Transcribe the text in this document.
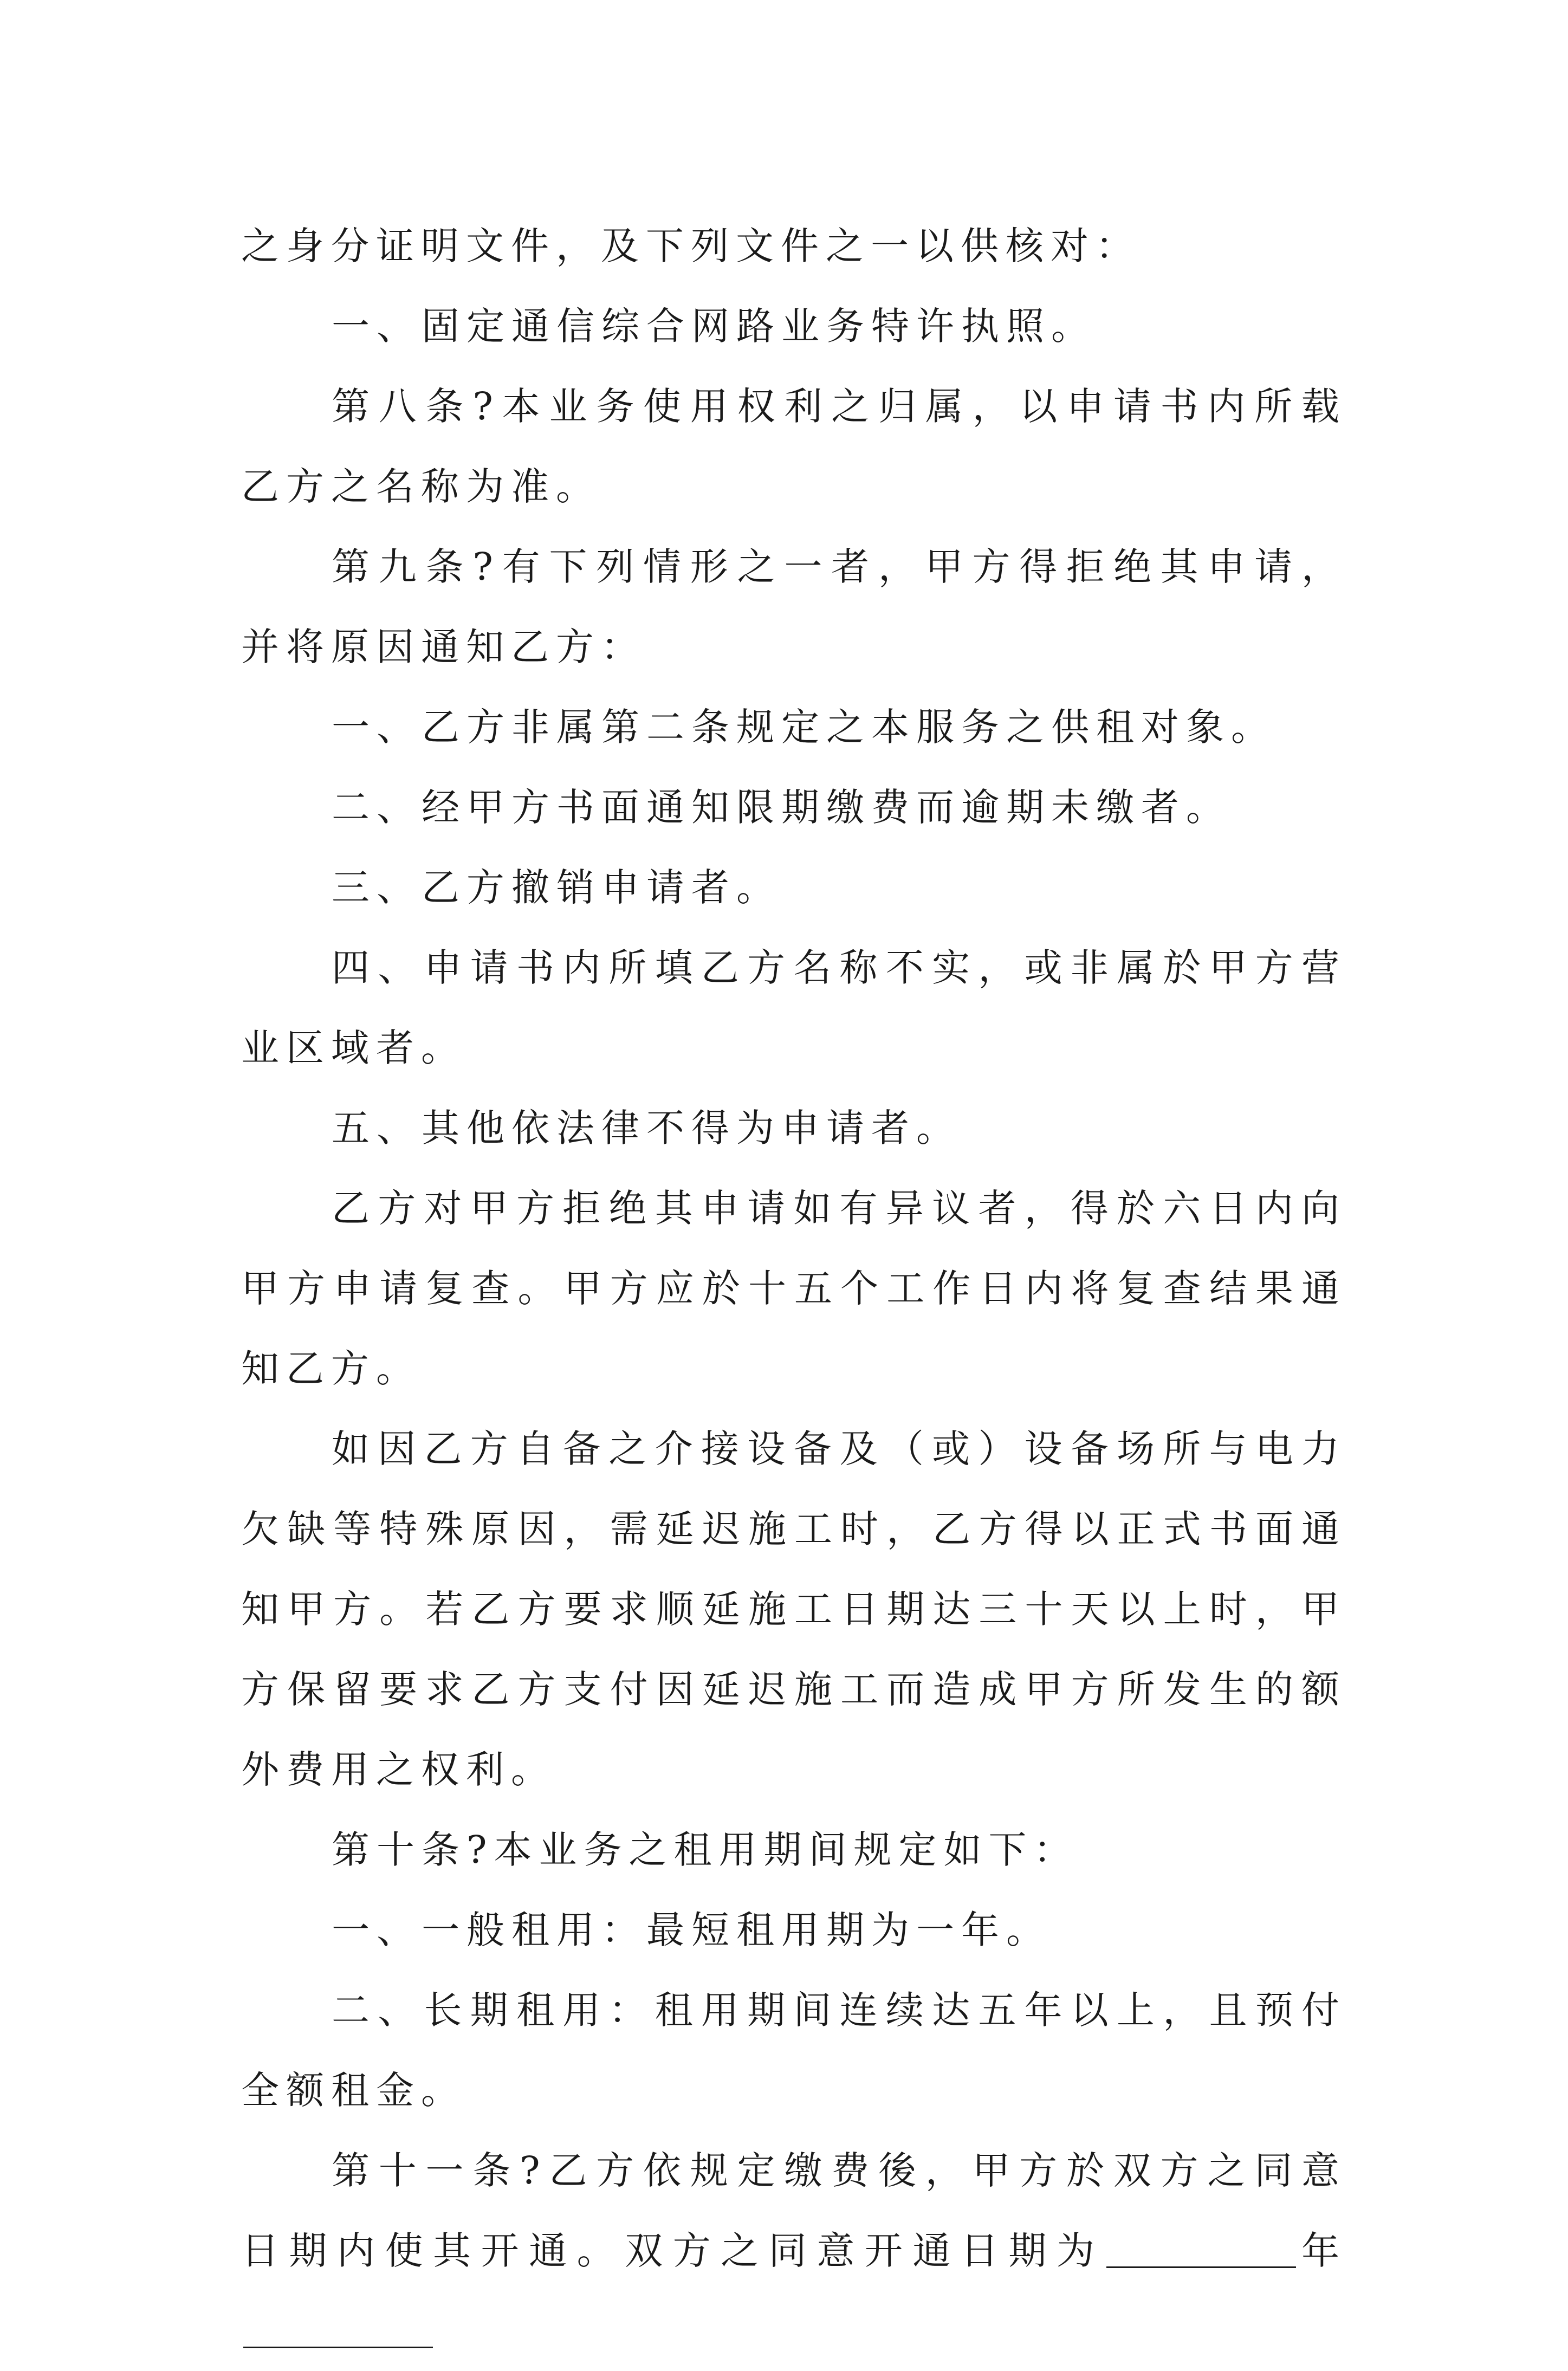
之身分证明文件，及下列文件之一以供核对：

一、固定通信综合网路业务特许执照。

第八条?本业务使用权利之归属，以申请书内所载乙方之名称为准。

第九条?有下列情形之一者，甲方得拒绝其申请，并将原因通知乙方：

一、乙方非属第二条规定之本服务之供租对象。

二、经甲方书面通知限期缴费而逾期未缴者。

三、乙方撤销申请者。

四、申请书内所填乙方名称不实，或非属於甲方营业区域者。

五、其他依法律不得为申请者。

乙方对甲方拒绝其申请如有异议者，得於六日内向甲方申请复查。甲方应於十五个工作日内将复查结果通知乙方。

如因乙方自备之介接设备及（或）设备场所与电力欠缺等特殊原因，需延迟施工时，乙方得以正式书面通知甲方。若乙方要求顺延施工日期达三十天以上时，甲方保留要求乙方支付因延迟施工而造成甲方所发生的额外费用之权利。

第十条?本业务之租用期间规定如下：

一、一般租用：最短租用期为一年。

二、长期租用：租用期间连续达五年以上，且预付全额租金。

第十一条?乙方依规定缴费後，甲方於双方之同意日期内使其开通。双方之同意开通日期为	年
